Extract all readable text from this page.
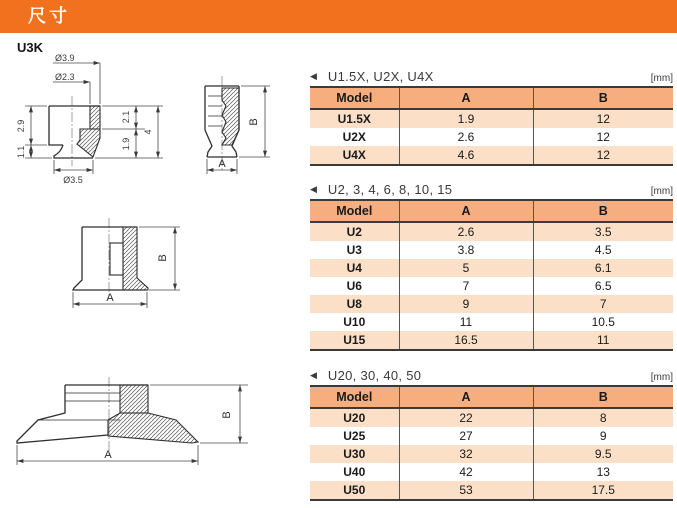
尺寸
U3K
Ø3.9
Ø2.3
2.9
1.1
2.1
1.9
4
Ø3.5
B
A
A
B
A
B
◀ U1.5X, U2X, U4X	[mm]
Model	A	B
U1.5X	1.9	12
U2X	2.6	12
U4X	4.6	12
◀ U2, 3, 4, 6, 8, 10, 15	[mm]
Model	A	B
U2	2.6	3.5
U3	3.8	4.5
U4	5	6.1
U6	7	6.5
U8	9	7
U10	11	10.5
U15	16.5	11
◀ U20, 30, 40, 50	[mm]
Model	A	B
U20	22	8
U25	27	9
U30	32	9.5
U40	42	13
U50	53	17.5
